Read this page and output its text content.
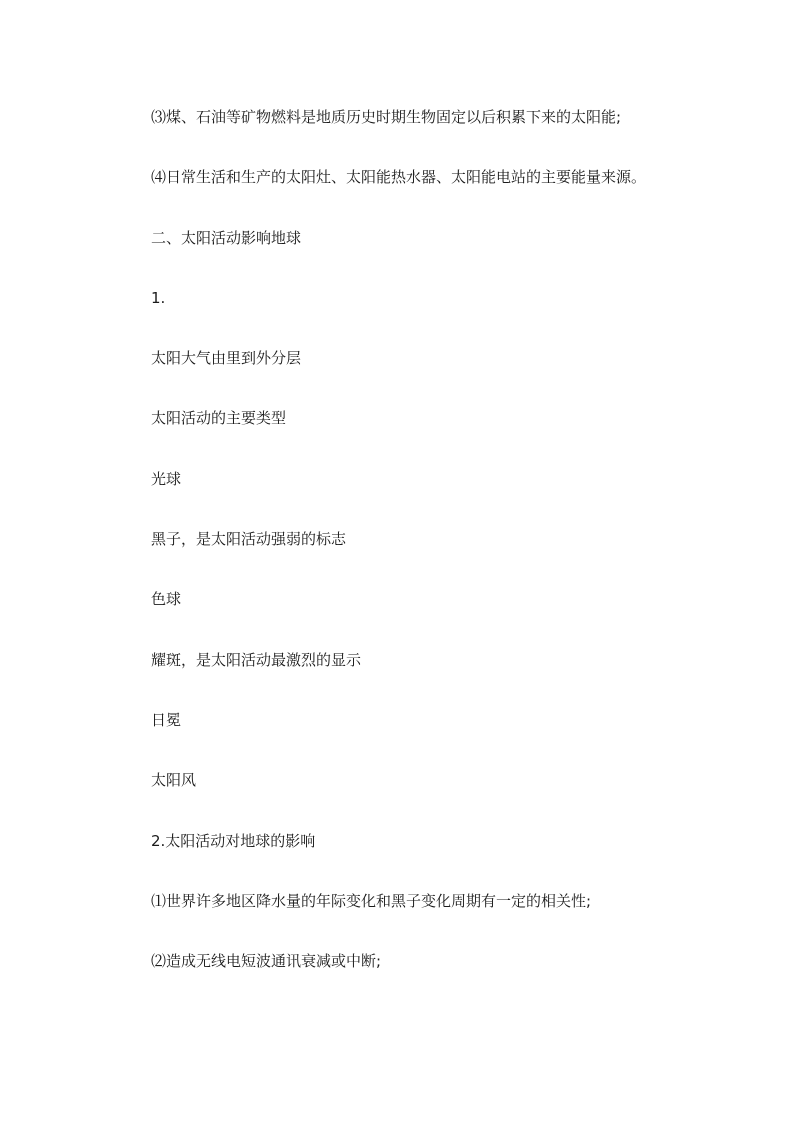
⑶煤、石油等矿物燃料是地质历史时期生物固定以后积累下来的太阳能;

⑷日常生活和生产的太阳灶、太阳能热水器、太阳能电站的主要能量来源。

二、太阳活动影响地球

1.

太阳大气由里到外分层

太阳活动的主要类型

光球

黑子，是太阳活动强弱的标志

色球

耀斑，是太阳活动最激烈的显示

日冕

太阳风

2.太阳活动对地球的影响

⑴世界许多地区降水量的年际变化和黑子变化周期有一定的相关性;

⑵造成无线电短波通讯衰减或中断;
